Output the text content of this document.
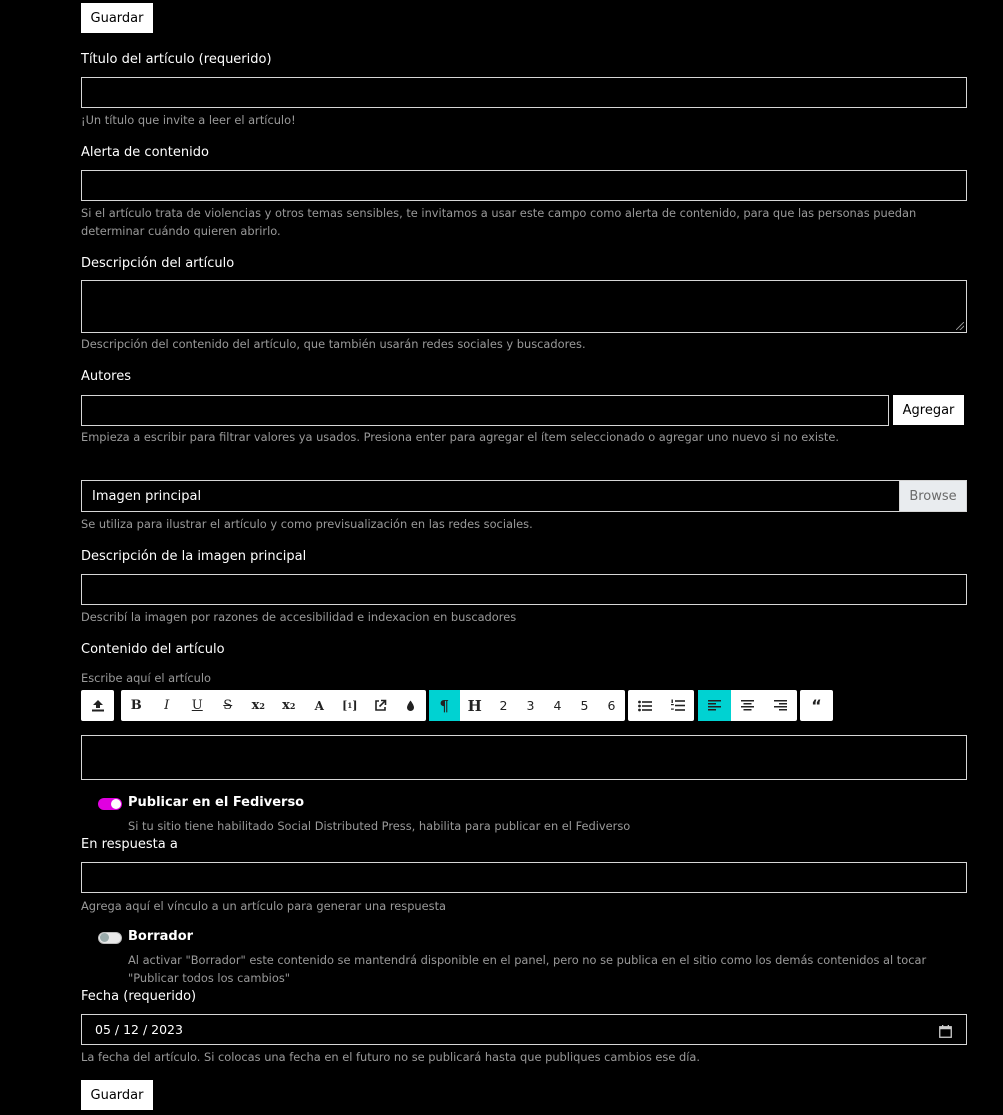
Guardar
Título del artículo (requerido)
¡Un título que invite a leer el artículo!
Alerta de contenido
Si el artículo trata de violencias y otros temas sensibles, te invitamos a usar este campo como alerta de contenido, para que las personas puedan determinar cuándo quieren abrirlo.
Descripción del artículo
Descripción del contenido del artículo, que también usarán redes sociales y buscadores.
Autores
Agregar
Empieza a escribir para filtrar valores ya usados. Presiona enter para agregar el ítem seleccionado o agregar uno nuevo si no existe.
Imagen principal	Browse
Se utiliza para ilustrar el artículo y como previsualización en las redes sociales.
Descripción de la imagen principal
Describí la imagen por razones de accesibilidad e indexacion en buscadores
Contenido del artículo
Escribe aquí el artículo
B	I	U	S	x 2	x 2	A	[ 1 ]	¶	H	2	3	4	5	6	“
Publicar en el Fediverso
Si tu sitio tiene habilitado Social Distributed Press, habilita para publicar en el Fediverso
En respuesta a
Agrega aquí el vínculo a un artículo para generar una respuesta
Borrador
Al activar "Borrador" este contenido se mantendrá disponible en el panel, pero no se publica en el sitio como los demás contenidos al tocar "Publicar todos los cambios"
Fecha (requerido)
05 / 12 / 2023
La fecha del artículo. Si colocas una fecha en el futuro no se publicará hasta que publiques cambios ese día.
Guardar
